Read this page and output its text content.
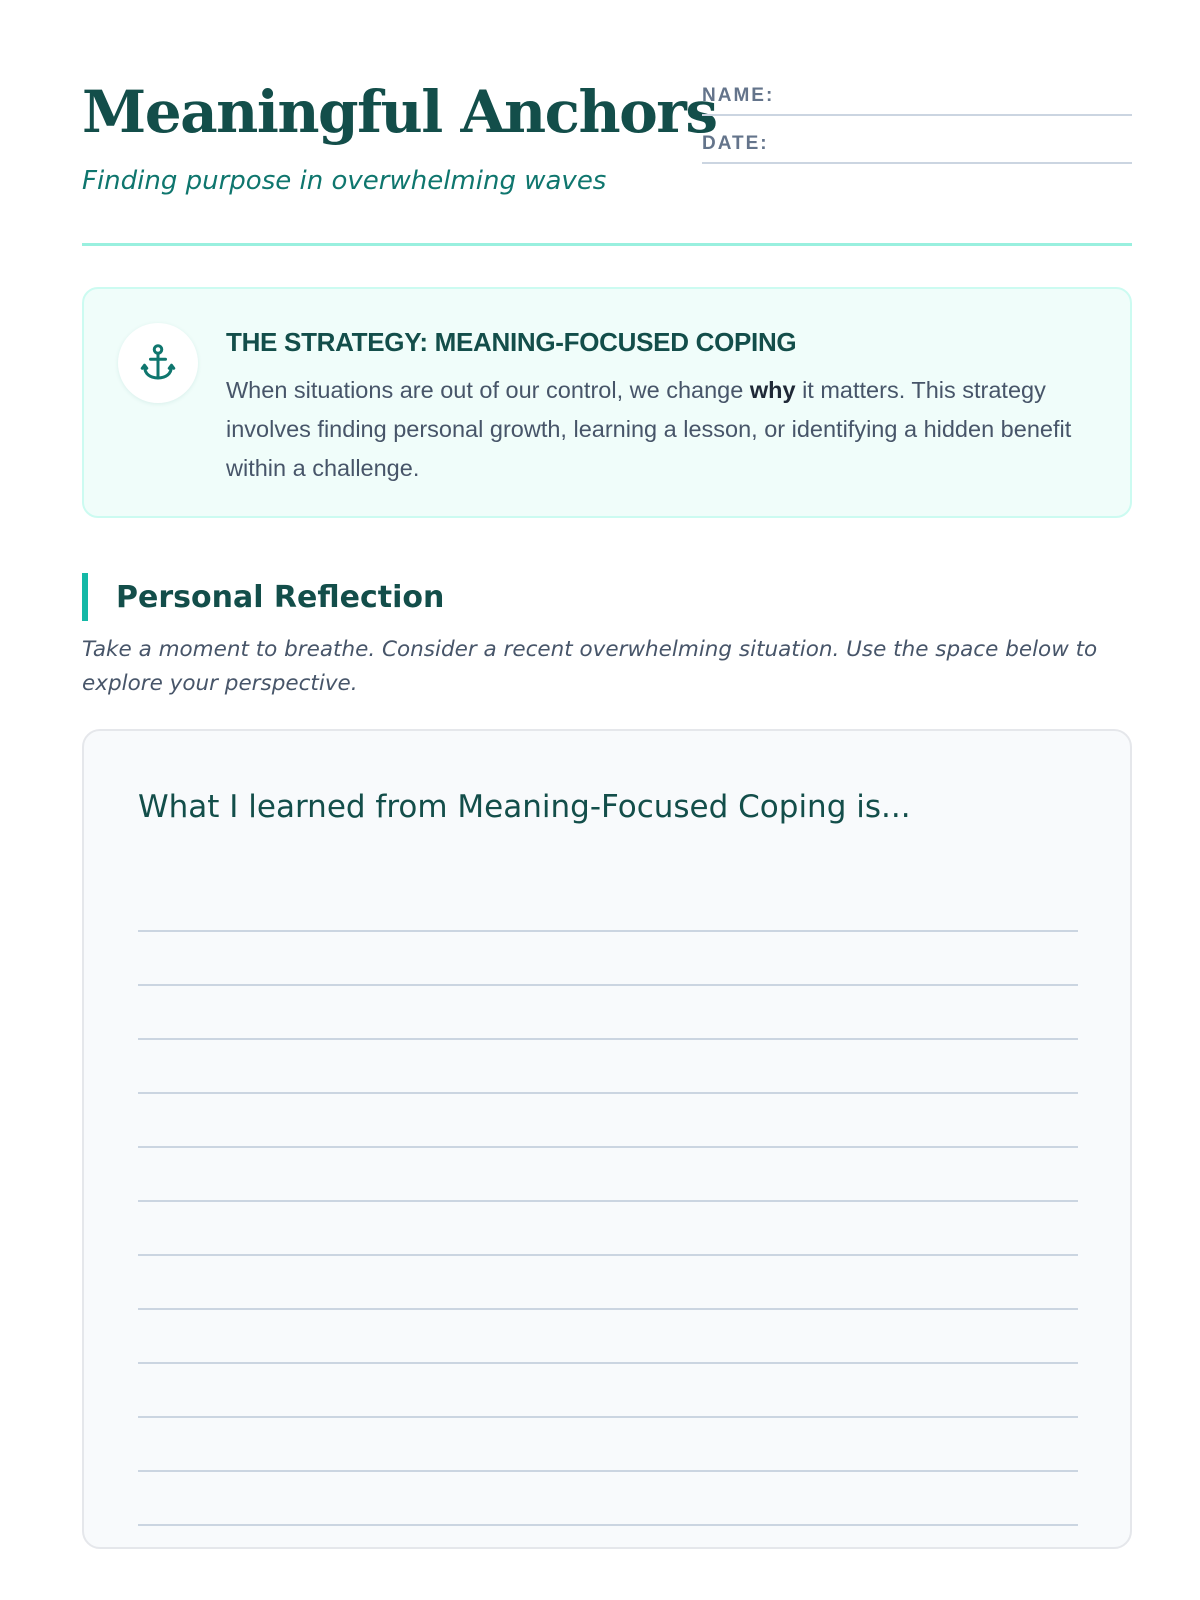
Meaningful Anchors
Finding purpose in overwhelming waves
NAME:
DATE:
THE STRATEGY: MEANING-FOCUSED COPING

When situations are out of our control, we change why it matters. This strategy involves finding personal growth, learning a lesson, or identifying a hidden benefit within a challenge.

Personal Reflection

Take a moment to breathe. Consider a recent overwhelming situation. Use the space below to explore your perspective.

What I learned from Meaning-Focused Coping is...
